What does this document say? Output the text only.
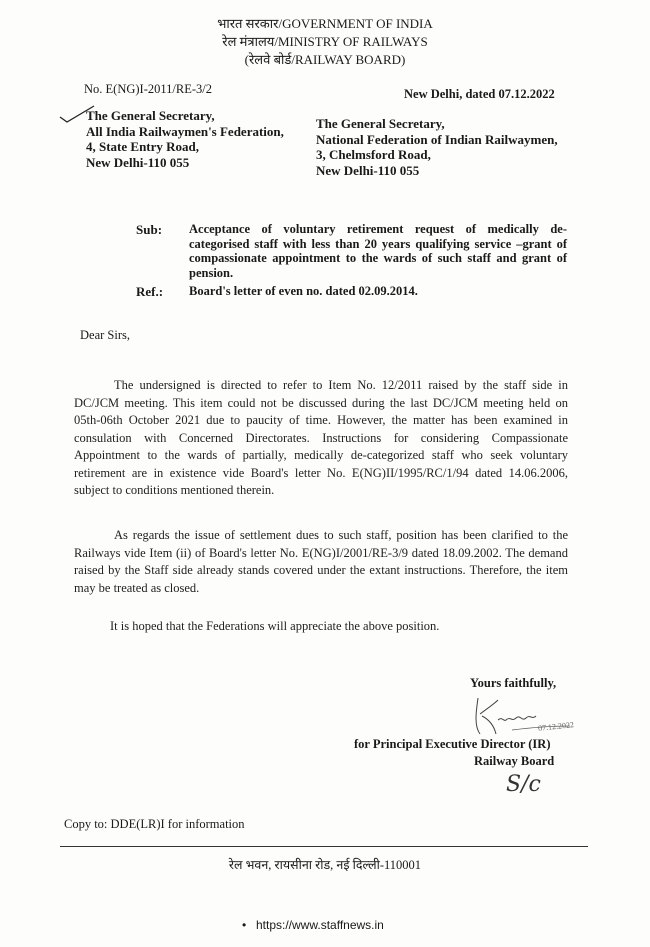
भारत सरकार/GOVERNMENT OF INDIA
रेल मंत्रालय/MINISTRY OF RAILWAYS
(रेलवे बोर्ड/RAILWAY BOARD)
No. E(NG)I-2011/RE-3/2	New Delhi, dated 07.12.2022
The General Secretary,
All India Railwaymen's Federation,
4, State Entry Road,
New Delhi-110 055
The General Secretary,
National Federation of Indian Railwaymen,
3, Chelmsford Road,
New Delhi-110 055
Sub: Acceptance of voluntary retirement request of medically de-categorised staff with less than 20 years qualifying service –grant of compassionate appointment to the wards of such staff and grant of pension.
Ref.: Board's letter of even no. dated 02.09.2014.
Dear Sirs,
The undersigned is directed to refer to Item No. 12/2011 raised by the staff side in DC/JCM meeting. This item could not be discussed during the last DC/JCM meeting held on 05th-06th October 2021 due to paucity of time. However, the matter has been examined in consulation with Concerned Directorates. Instructions for considering Compassionate Appointment to the wards of partially, medically de-categorized staff who seek voluntary retirement are in existence vide Board's letter No. E(NG)II/1995/RC/1/94 dated 14.06.2006, subject to conditions mentioned therein.
As regards the issue of settlement dues to such staff, position has been clarified to the Railways vide Item (ii) of Board's letter No. E(NG)I/2001/RE-3/9 dated 18.09.2002. The demand raised by the Staff side already stands covered under the extant instructions. Therefore, the item may be treated as closed.
It is hoped that the Federations will appreciate the above position.
Yours faithfully,
07.12.2022
for Principal Executive Director (IR)
Railway Board
S/c
Copy to: DDE(LR)I for information
रेल भवन, रायसीना रोड, नई दिल्ली-110001
• https://www.staffnews.in
